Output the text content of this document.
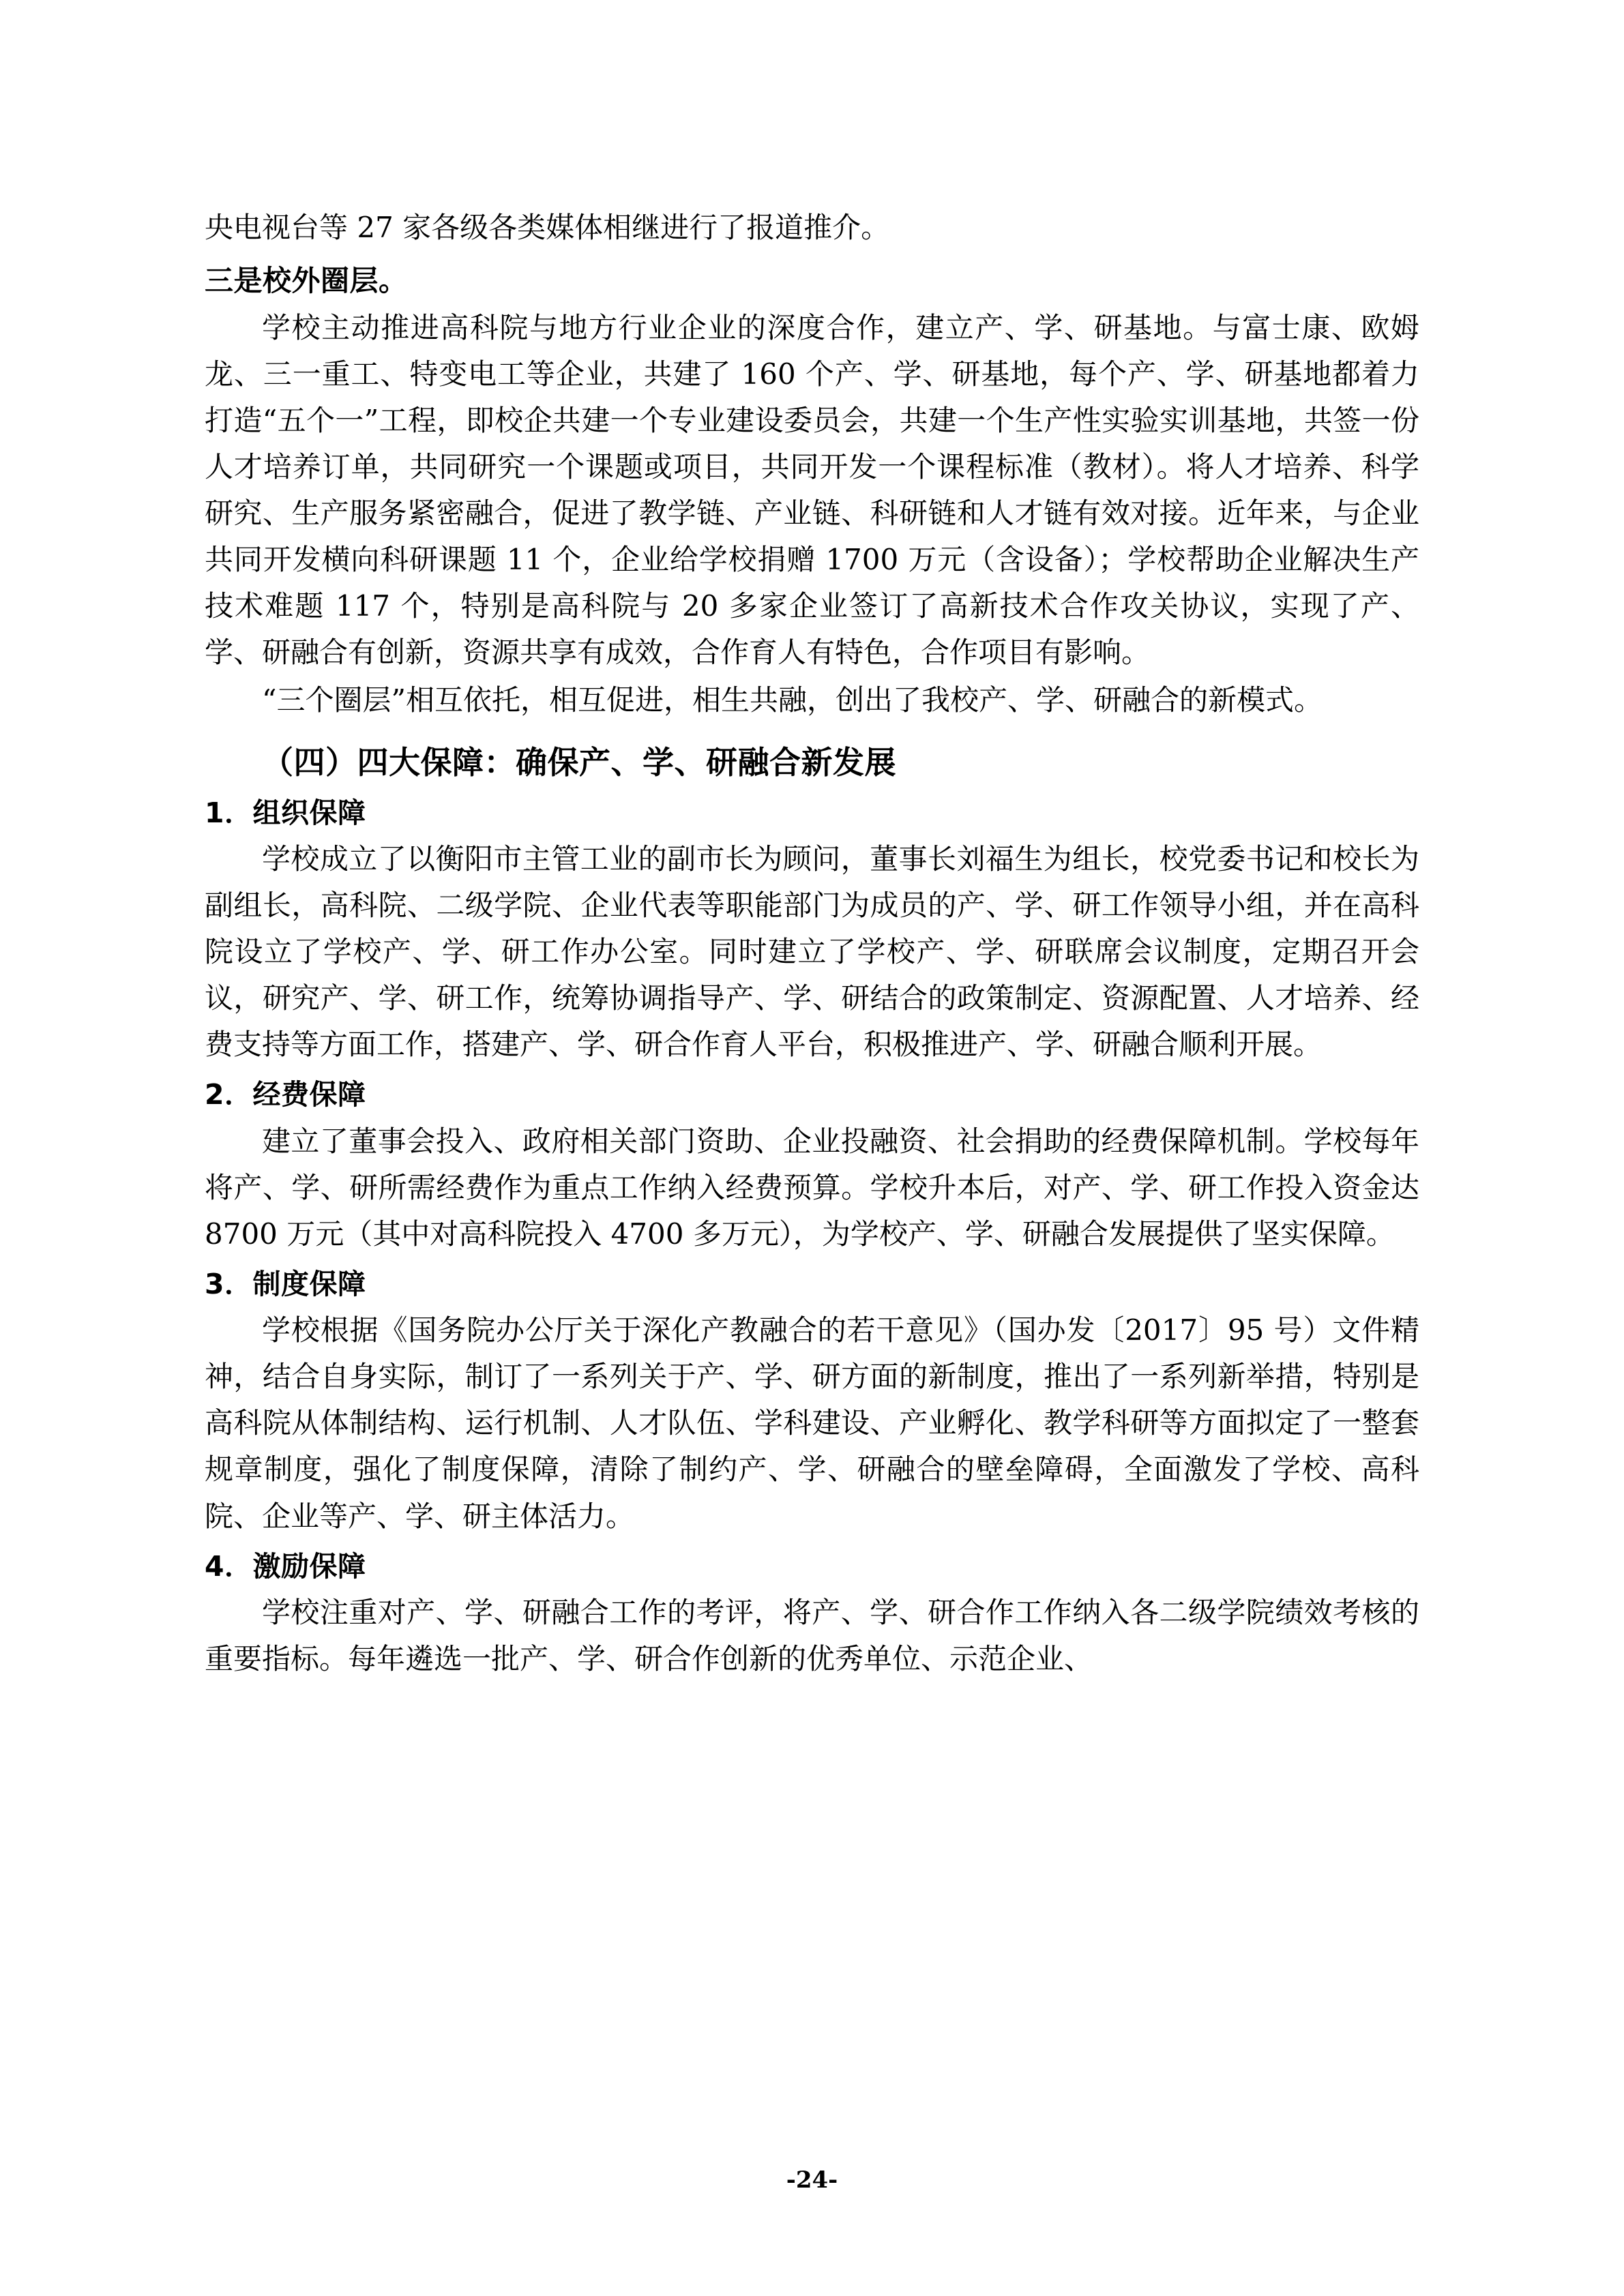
央电视台等 27 家各级各类媒体相继进行了报道推介。

三是校外圈层。

学校主动推进高科院与地方行业企业的深度合作，建立产、学、研基地。与富士康、欧姆龙、三一重工、特变电工等企业，共建了 160 个产、学、研基地，每个产、学、研基地都着力打造“五个一”工程，即校企共建一个专业建设委员会，共建一个生产性实验实训基地，共签一份人才培养订单，共同研究一个课题或项目，共同开发一个课程标准（教材）。将人才培养、科学研究、生产服务紧密融合，促进了教学链、产业链、科研链和人才链有效对接。近年来，与企业共同开发横向科研课题 11 个，企业给学校捐赠 1700 万元（含设备）；学校帮助企业解决生产技术难题 117 个，特别是高科院与 20 多家企业签订了高新技术合作攻关协议，实现了产、学、研融合有创新，资源共享有成效，合作育人有特色，合作项目有影响。

“三个圈层”相互依托，相互促进，相生共融，创出了我校产、学、研融合的新模式。

（四）四大保障：确保产、学、研融合新发展

1．组织保障

学校成立了以衡阳市主管工业的副市长为顾问，董事长刘福生为组长，校党委书记和校长为副组长，高科院、二级学院、企业代表等职能部门为成员的产、学、研工作领导小组，并在高科院设立了学校产、学、研工作办公室。同时建立了学校产、学、研联席会议制度，定期召开会议，研究产、学、研工作，统筹协调指导产、学、研结合的政策制定、资源配置、人才培养、经费支持等方面工作，搭建产、学、研合作育人平台，积极推进产、学、研融合顺利开展。

2．经费保障

建立了董事会投入、政府相关部门资助、企业投融资、社会捐助的经费保障机制。学校每年将产、学、研所需经费作为重点工作纳入经费预算。学校升本后，对产、学、研工作投入资金达 8700 万元（其中对高科院投入 4700 多万元），为学校产、学、研融合发展提供了坚实保障。

3．制度保障

学校根据《国务院办公厅关于深化产教融合的若干意见》（国办发〔2017〕95 号）文件精神，结合自身实际，制订了一系列关于产、学、研方面的新制度，推出了一系列新举措，特别是高科院从体制结构、运行机制、人才队伍、学科建设、产业孵化、教学科研等方面拟定了一整套规章制度，强化了制度保障，清除了制约产、学、研融合的壁垒障碍，全面激发了学校、高科院、企业等产、学、研主体活力。

4．激励保障

学校注重对产、学、研融合工作的考评，将产、学、研合作工作纳入各二级学院绩效考核的重要指标。每年遴选一批产、学、研合作创新的优秀单位、示范企业、

-24-
